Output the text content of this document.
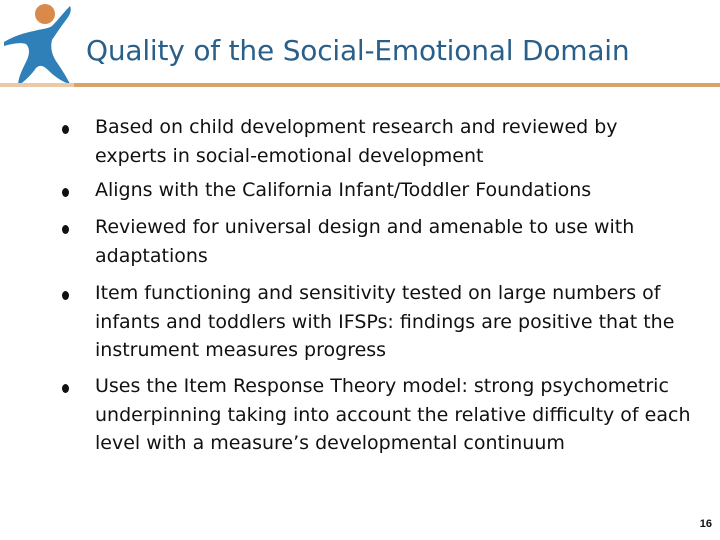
Quality of the Social-Emotional Domain
Based on child development research and reviewed by experts in social-emotional development
Aligns with the California Infant/Toddler Foundations
Reviewed for universal design and amenable to use with adaptations
Item functioning and sensitivity tested on large numbers of infants and toddlers with IFSPs: findings are positive that the instrument measures progress
Uses the Item Response Theory model: strong psychometric underpinning taking into account the relative difficulty of each level with a measure’s developmental continuum
16
